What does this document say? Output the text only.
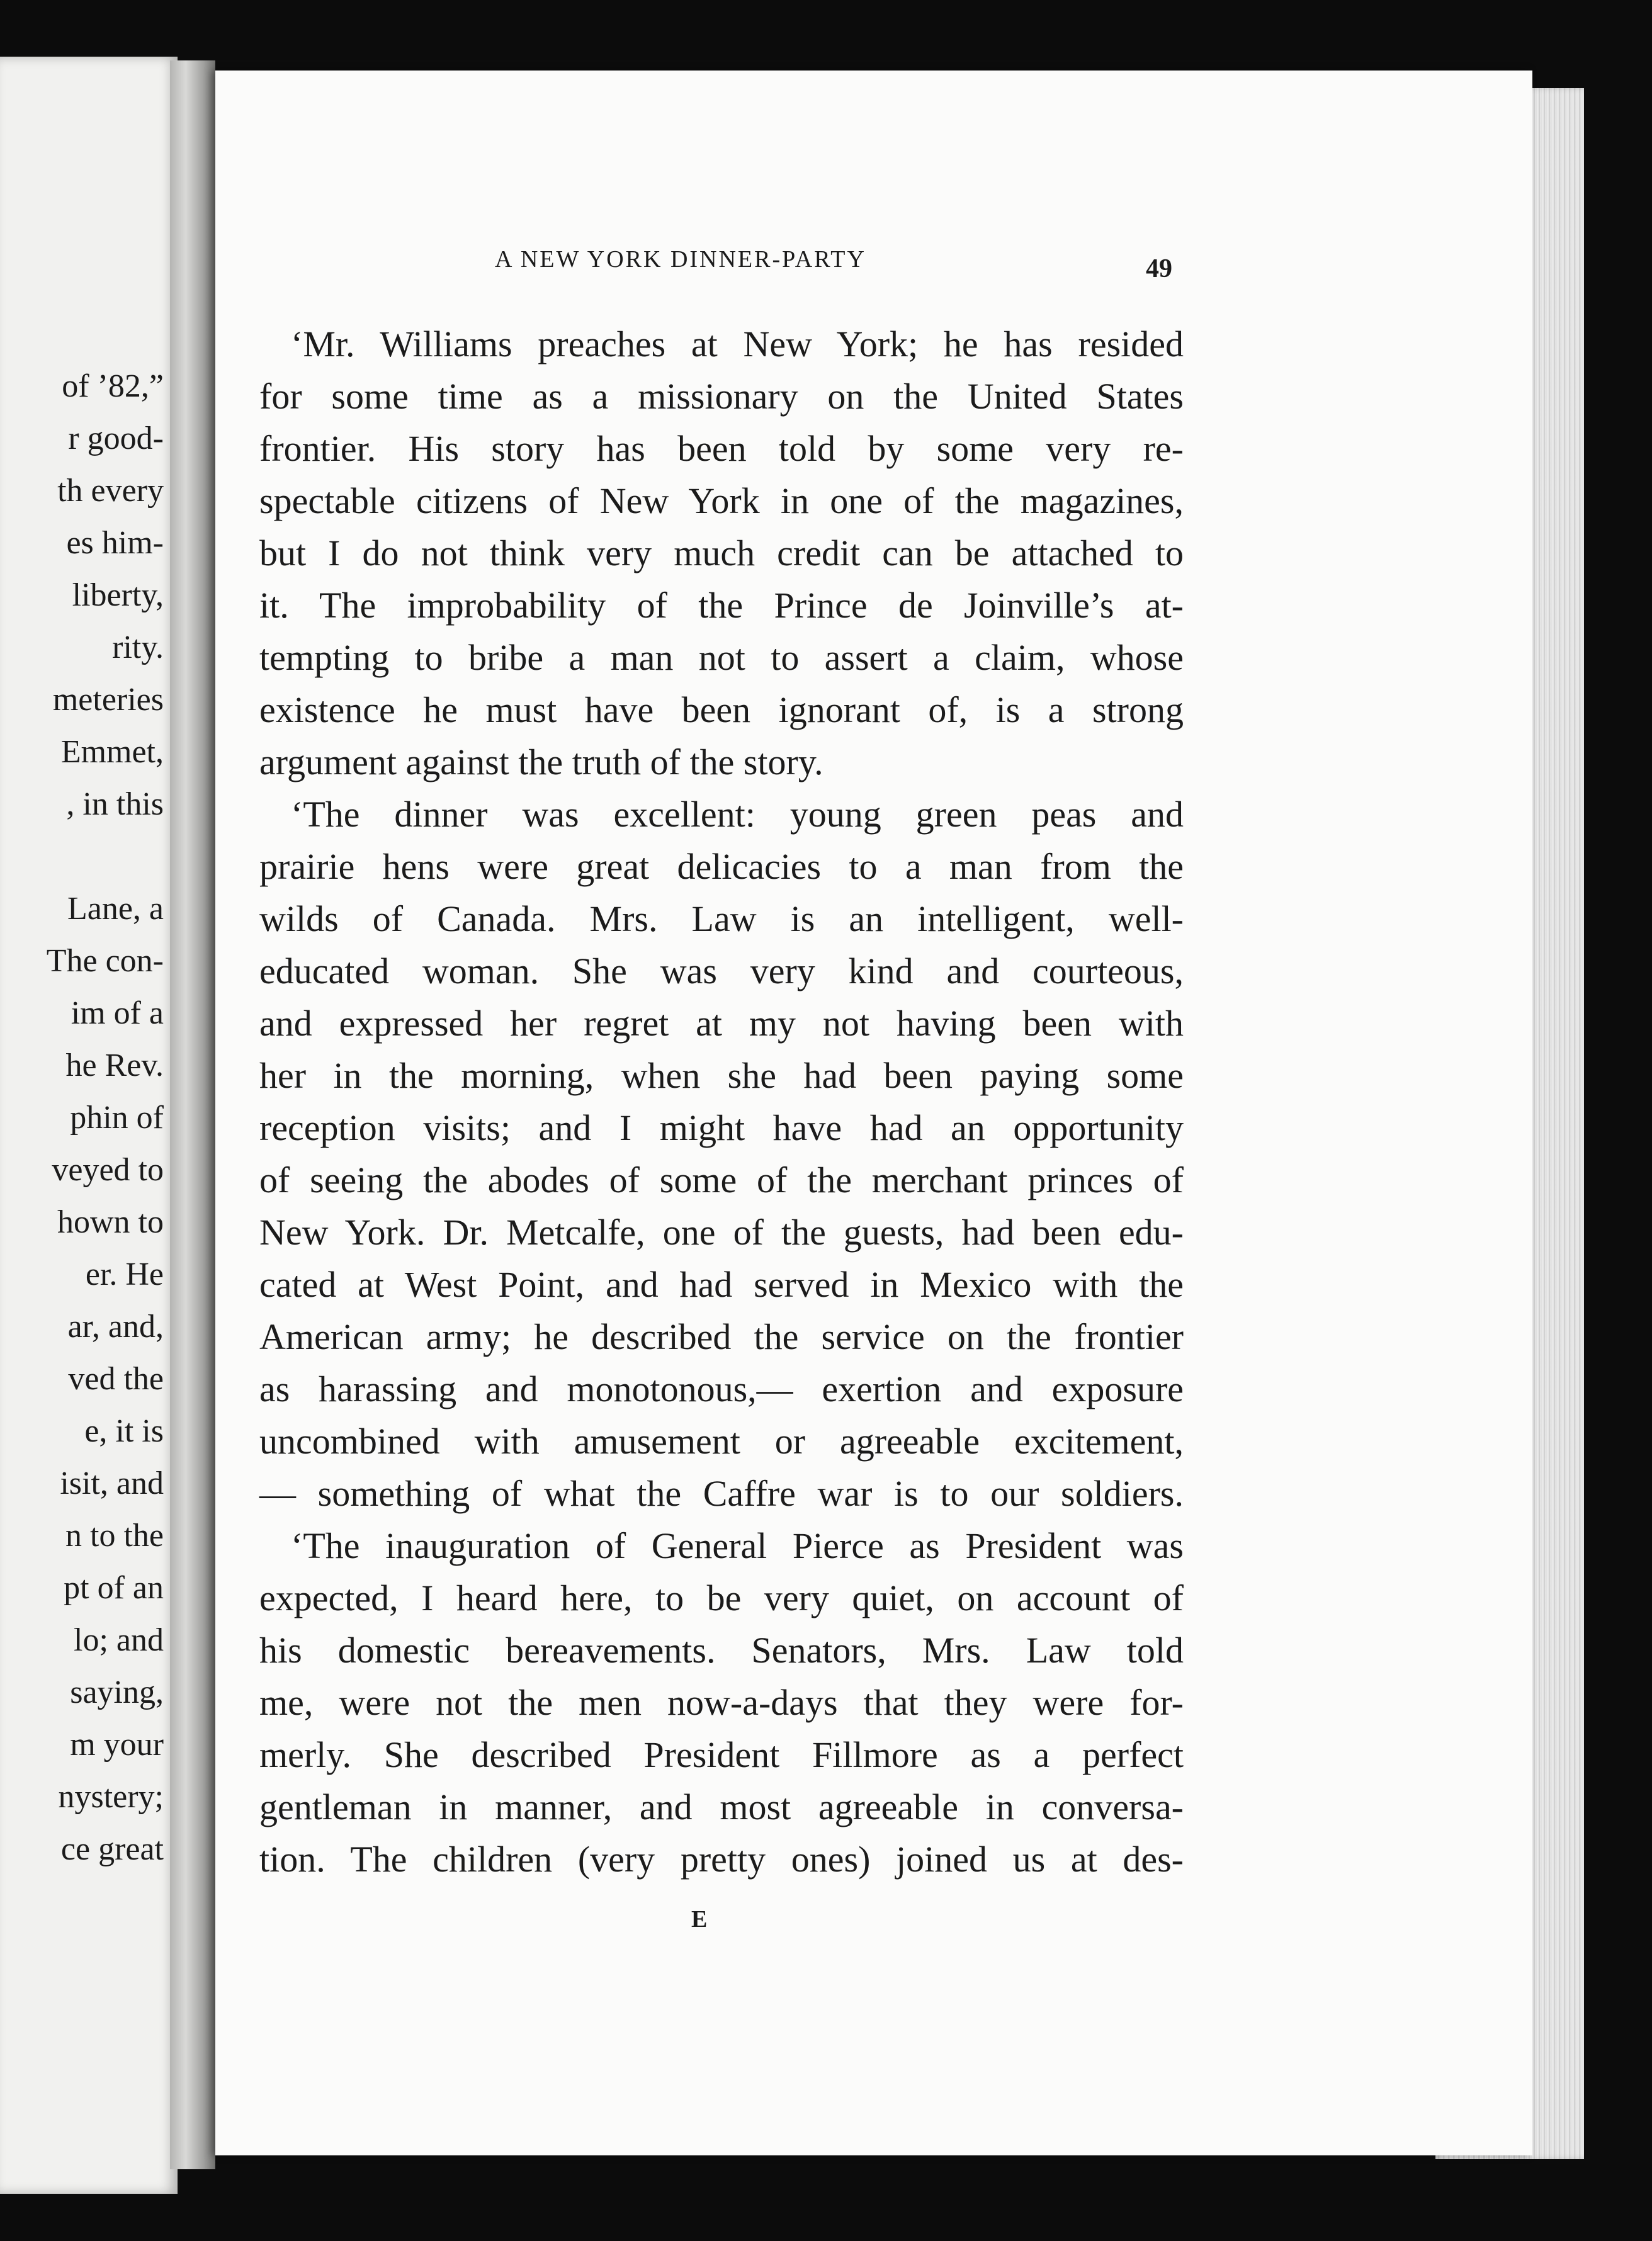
of ’82,”
r good-
th every
es him-
liberty,
rity.
meteries
Emmet,
, in this
Lane, a
The con-
im of a
he Rev.
phin of
veyed to
hown to
er. He
ar, and,
ved the
e, it is
isit, and
n to the
pt of an
lo; and
saying,
m your
nystery;
ce great
A NEW YORK DINNER-PARTY	49
‘Mr. Williams preaches at New York; he has resided
for some time as a missionary on the United States
frontier. His story has been told by some very re-
spectable citizens of New York in one of the magazines,
but I do not think very much credit can be attached to
it. The improbability of the Prince de Joinville’s at-
tempting to bribe a man not to assert a claim, whose
existence he must have been ignorant of, is a strong
argument against the truth of the story.
‘The dinner was excellent: young green peas and
prairie hens were great delicacies to a man from the
wilds of Canada. Mrs. Law is an intelligent, well-
educated woman. She was very kind and courteous,
and expressed her regret at my not having been with
her in the morning, when she had been paying some
reception visits; and I might have had an opportunity
of seeing the abodes of some of the merchant princes of
New York. Dr. Metcalfe, one of the guests, had been edu-
cated at West Point, and had served in Mexico with the
American army; he described the service on the frontier
as harassing and monotonous,— exertion and exposure
uncombined with amusement or agreeable excitement,
— something of what the Caffre war is to our soldiers.
‘The inauguration of General Pierce as President was
expected, I heard here, to be very quiet, on account of
his domestic bereavements. Senators, Mrs. Law told
me, were not the men now-a-days that they were for-
merly. She described President Fillmore as a perfect
gentleman in manner, and most agreeable in conversa-
tion. The children (very pretty ones) joined us at des-
E
